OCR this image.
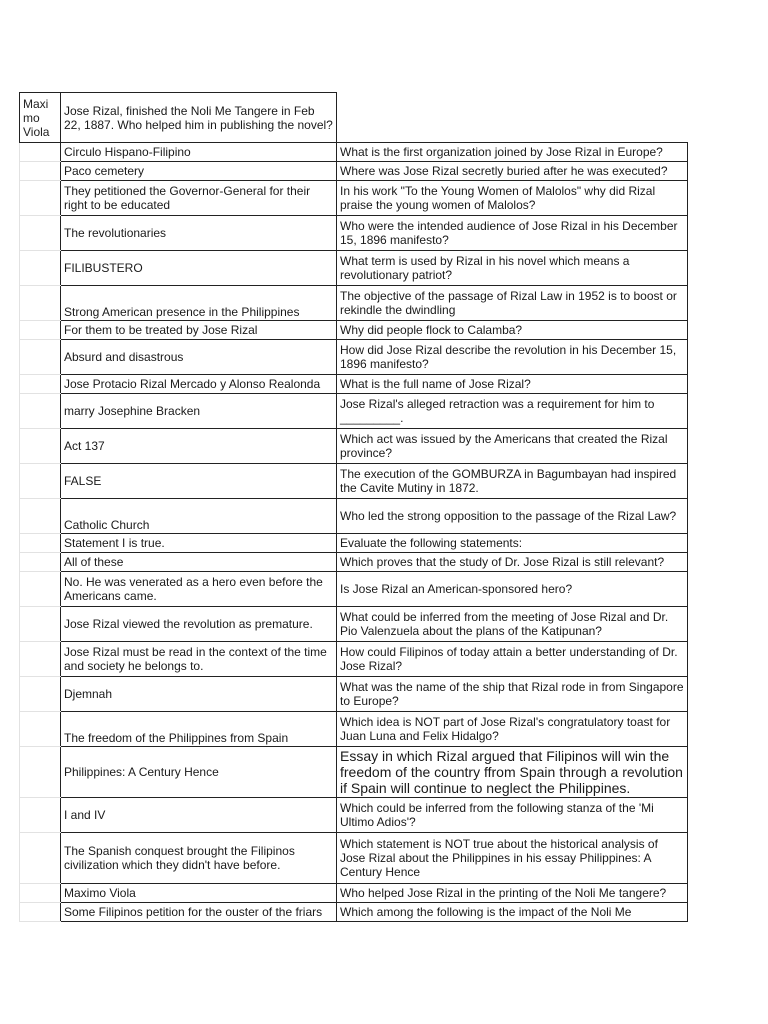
Maxi mo Viola	Jose Rizal, finished the Noli Me Tangere in Feb 22, 1887. Who helped him in publishing the novel?	
	Circulo Hispano-Filipino	What is the first organization joined by Jose Rizal in Europe?
	Paco cemetery	Where was Jose Rizal secretly buried after he was executed?
	They petitioned the Governor-General for their right to be educated	In his work "To the Young Women of Malolos" why did Rizal praise the young women of Malolos?
	The revolutionaries	Who were the intended audience of Jose Rizal in his December 15, 1896 manifesto?
	FILIBUSTERO	What term is used by Rizal in his novel which means a revolutionary patriot?
	Strong American presence in the Philippines	The objective of the passage of Rizal Law in 1952 is to boost or rekindle the dwindling
	For them to be treated by Jose Rizal	Why did people flock to Calamba?
	Absurd and disastrous	How did Jose Rizal describe the revolution in his December 15, 1896 manifesto?
	Jose Protacio Rizal Mercado y Alonso Realonda	What is the full name of Jose Rizal?
	marry Josephine Bracken	Jose Rizal's alleged retraction was a requirement for him to _________.
	Act 137	Which act was issued by the Americans that created the Rizal province?
	FALSE	The execution of the GOMBURZA in Bagumbayan had inspired the Cavite Mutiny in 1872.
	Catholic Church	Who led the strong opposition to the passage of the Rizal Law?
	Statement I is true.	Evaluate the following statements:
	All of these	Which proves that the study of Dr. Jose Rizal is still relevant?
	No. He was venerated as a hero even before the Americans came.	Is Jose Rizal an American-sponsored hero?
	Jose Rizal viewed the revolution as premature.	What could be inferred from the meeting of Jose Rizal and Dr. Pio Valenzuela about the plans of the Katipunan?
	Jose Rizal must be read in the context of the time and society he belongs to.	How could Filipinos of today attain a better understanding of Dr. Jose Rizal?
	Djemnah	What was the name of the ship that Rizal rode in from Singapore to Europe?
	The freedom of the Philippines from Spain	Which idea is NOT part of Jose Rizal's congratulatory toast for Juan Luna and Felix Hidalgo?
	Philippines: A Century Hence	Essay in which Rizal argued that Filipinos will win the freedom of the country ffrom Spain through a revolution if Spain will continue to neglect the Philippines.
	I and IV	Which could be inferred from the following stanza of the 'Mi Ultimo Adios'?
	The Spanish conquest brought the Filipinos civilization which they didn't have before.	Which statement is NOT true about the historical analysis of Jose Rizal about the Philippines in his essay Philippines: A Century Hence
	Maximo Viola	Who helped Jose Rizal in the printing of the Noli Me tangere?
	Some Filipinos petition for the ouster of the friars	Which among the following is the impact of the Noli Me
